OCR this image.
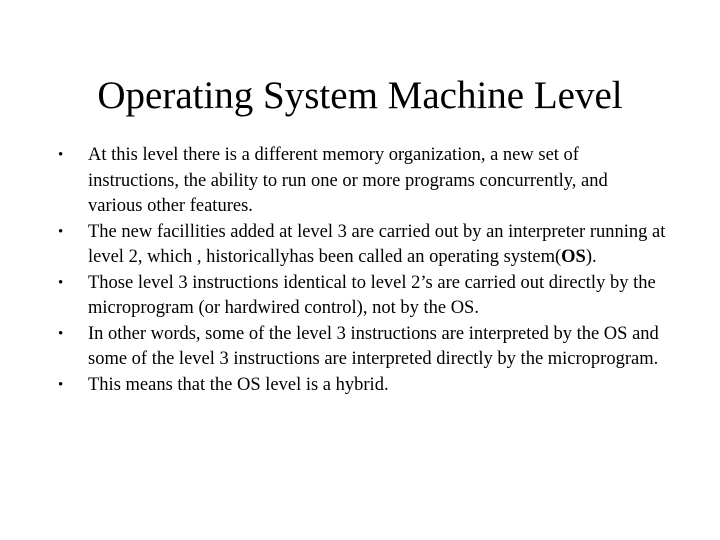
Operating System Machine Level
• At this level there is a different memory organization, a new set of instructions, the ability to run one or more programs concurrently, and various other features.
• The new facillities added at level 3 are carried out by an interpreter running at level 2, which , historicallyhas been called an operating system(OS).
• Those level 3 instructions identical to level 2’s are carried out directly by the microprogram (or hardwired control), not by the OS.
• In other words, some of the level 3 instructions are interpreted by the OS and some of the level 3 instructions are interpreted directly by the microprogram.
• This means that the OS level is a hybrid.
